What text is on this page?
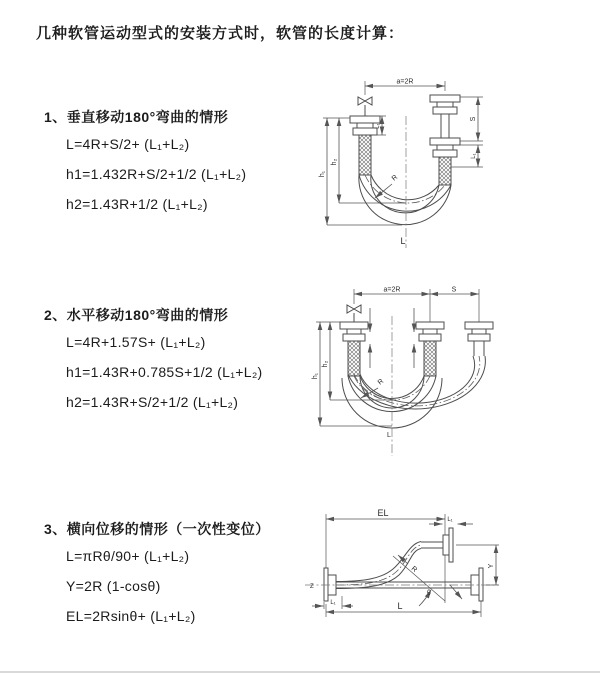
几种软管运动型式的安装方式时，软管的长度计算：
1、垂直移动180°弯曲的情形
L=4R+S/2+ (L₁+L₂)
h1=1.432R+S/2+1/2 (L₁+L₂)
h2=1.43R+1/2 (L₁+L₂)
2、水平移动180°弯曲的情形
L=4R+1.57S+ (L₁+L₂)
h1=1.43R+0.785S+1/2 (L₁+L₂)
h2=1.43R+S/2+1/2 (L₁+L₂)
3、横向位移的情形（一次性变位）
L=πRθ/90+ (L₁+L₂)
Y=2R (1-cosθ)
EL=2Rsinθ+ (L₁+L₂)
a=2R
R
h₁
h₂
S
L₁
L₁
L
a=2R	S
R
h₁
h₂
L
EL
L₁
Z
R
θ
Y
L₁	L
